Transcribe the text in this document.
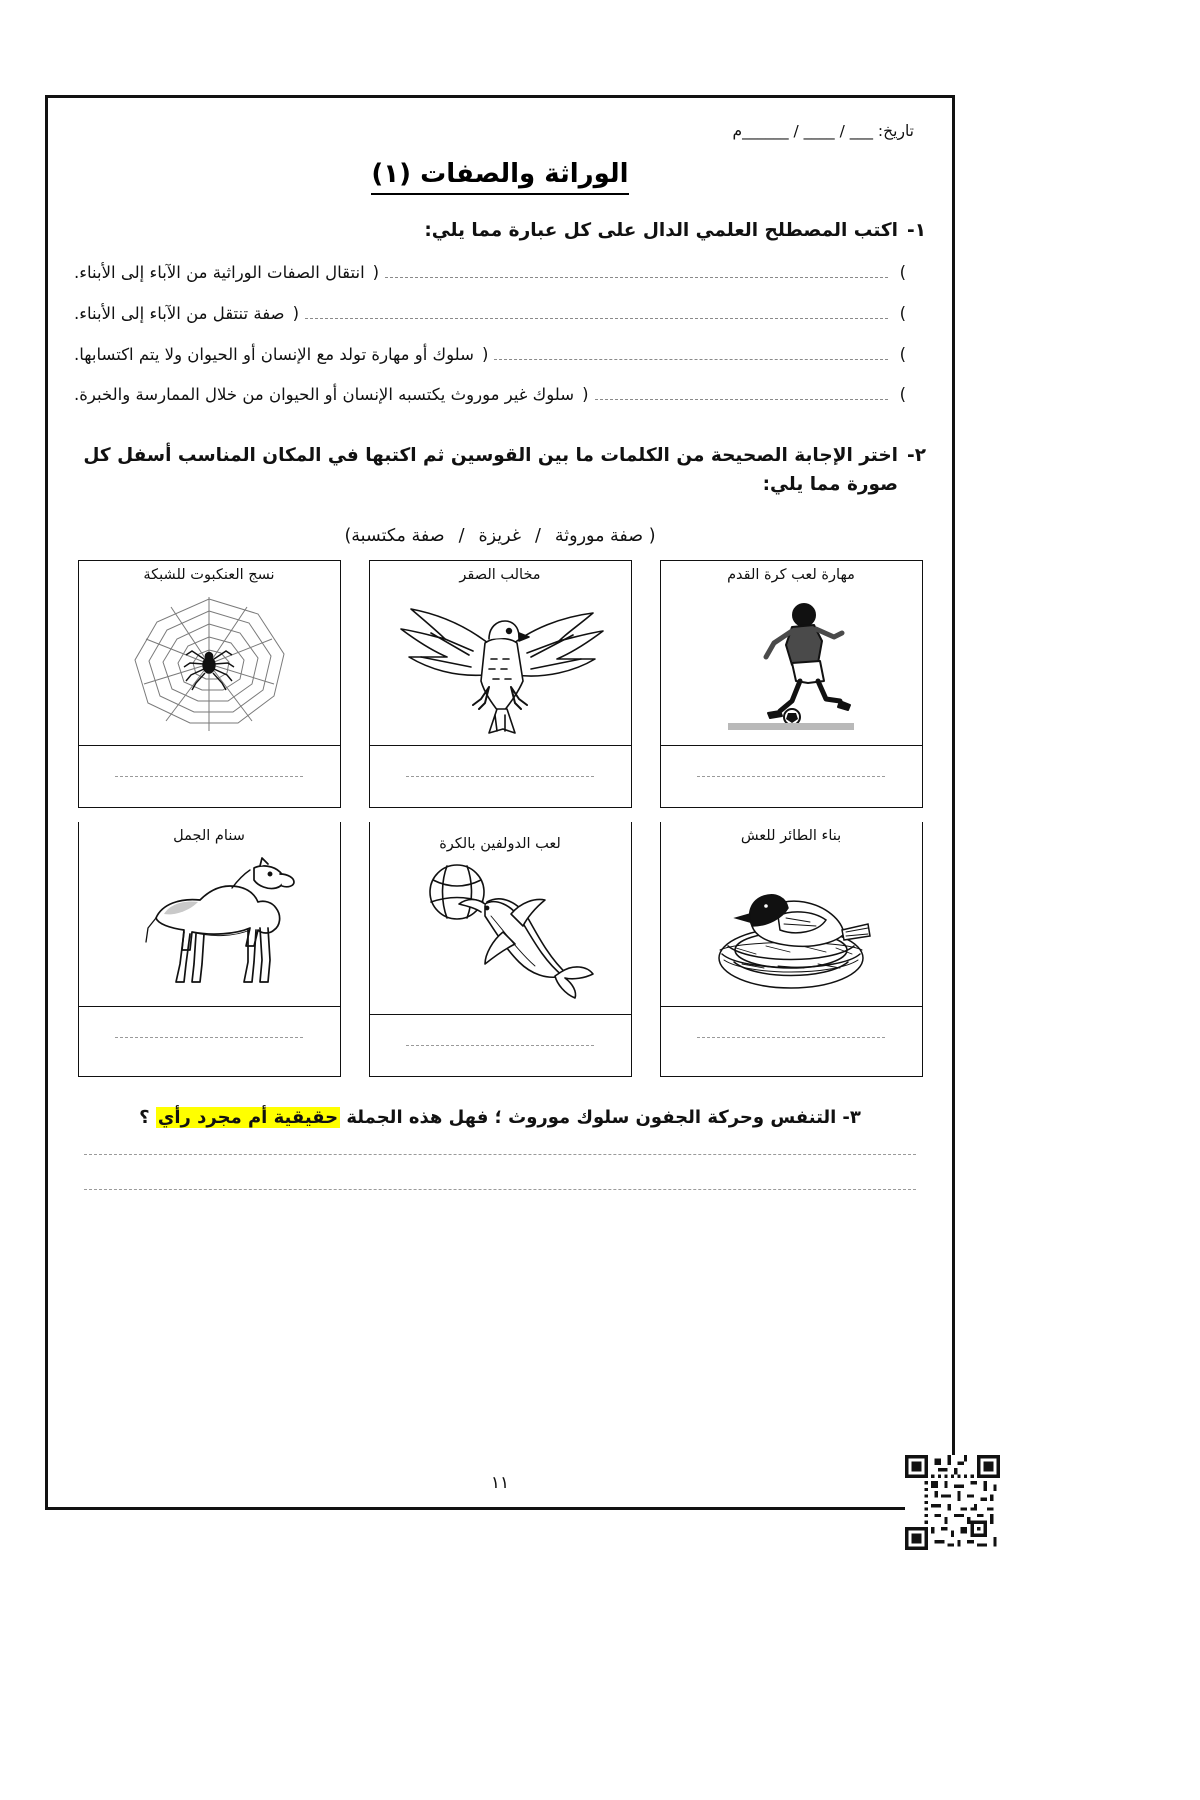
تاريخ: ___ / ____ / ______م
الوراثة والصفات (١)
١-
اكتب المصطلح العلمي الدال على كل عبارة مما يلي:
)
(
انتقال الصفات الوراثية من الآباء إلى الأبناء.
)
(
صفة تنتقل من الآباء إلى الأبناء.
)
(
سلوك أو مهارة تولد مع الإنسان أو الحيوان ولا يتم اكتسابها.
)
(
سلوك غير موروث يكتسبه الإنسان أو الحيوان من خلال الممارسة والخبرة.
٢-
اختر الإجابة الصحيحة من الكلمات ما بين القوسين ثم اكتبها في المكان المناسب أسفل كل صورة مما يلي:
( صفة موروثة/غريزة/صفة مكتسبة)
مهارة لعب كرة القدم
مخالب الصقر
نسج العنكبوت للشبكة
بناء الطائر للعش
لعب الدولفين بالكرة
سنام الجمل
٣-التنفس وحركة الجفون سلوك موروث ؛ فهل هذه الجملة حقيقية أم مجرد رأي ؟
١١
